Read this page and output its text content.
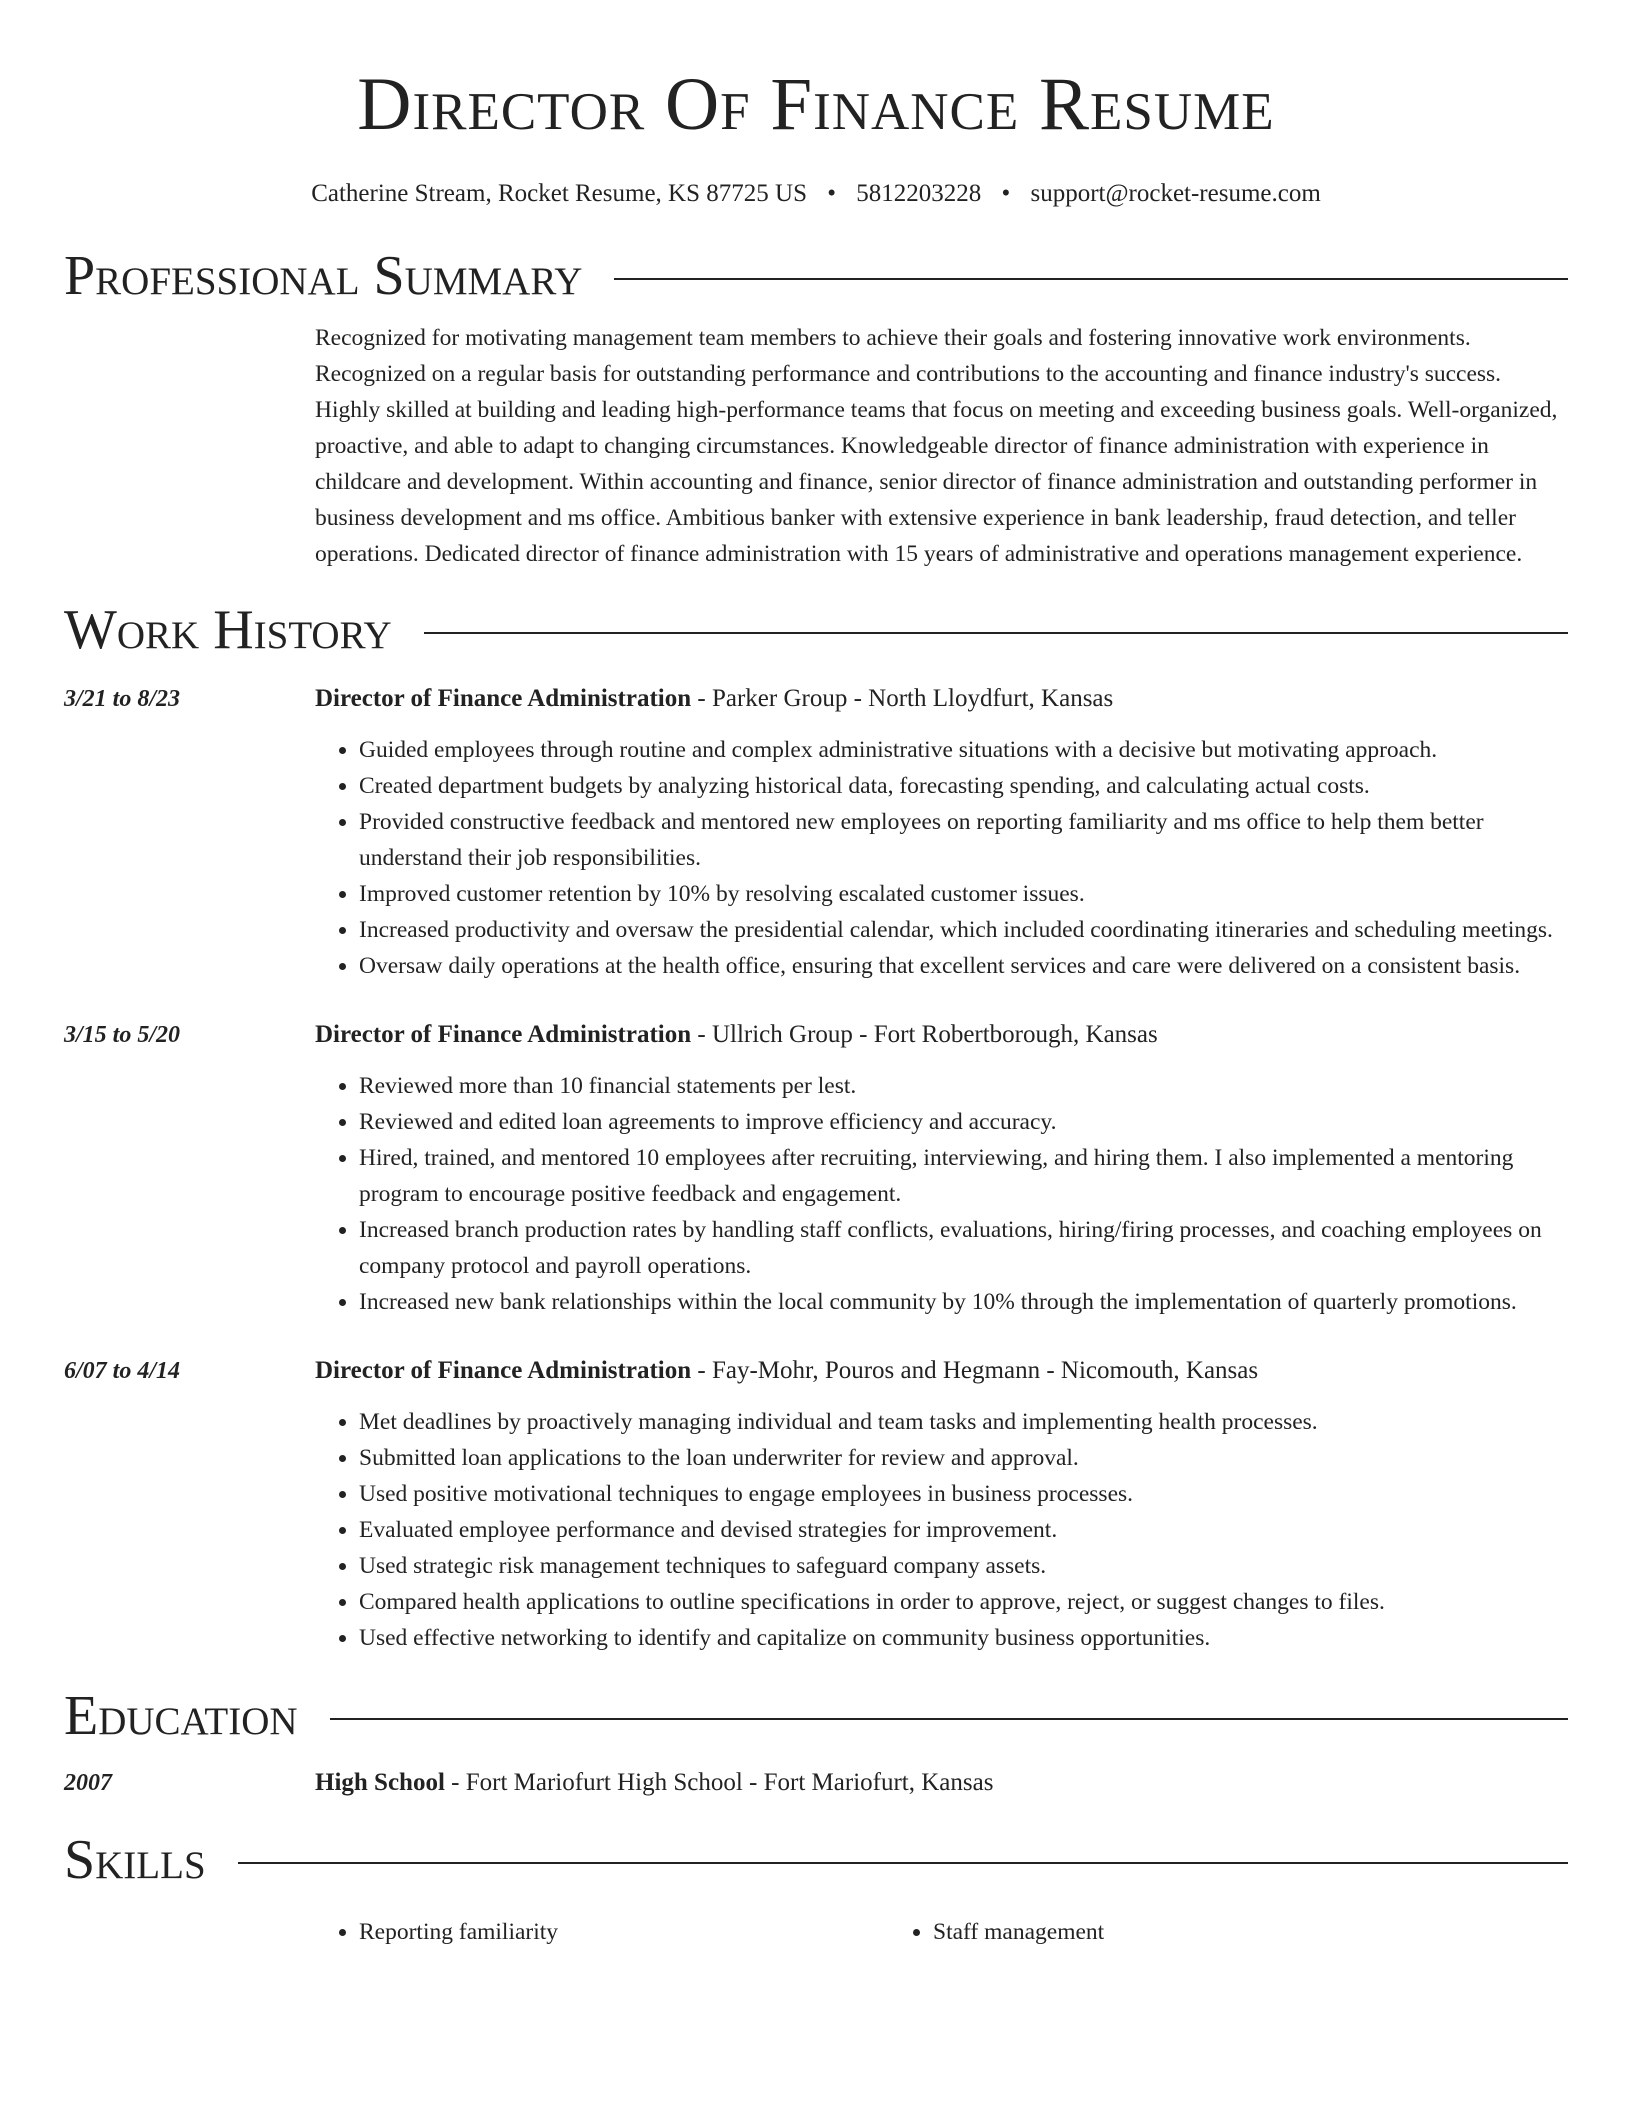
Director Of Finance Resume
Catherine Stream, Rocket Resume, KS 87725 US • 5812203228 • support@rocket-resume.com
Professional Summary
Recognized for motivating management team members to achieve their goals and fostering innovative work environments. Recognized on a regular basis for outstanding performance and contributions to the accounting and finance industry's success. Highly skilled at building and leading high-performance teams that focus on meeting and exceeding business goals. Well-organized, proactive, and able to adapt to changing circumstances. Knowledgeable director of finance administration with experience in childcare and development. Within accounting and finance, senior director of finance administration and outstanding performer in business development and ms office. Ambitious banker with extensive experience in bank leadership, fraud detection, and teller operations. Dedicated director of finance administration with 15 years of administrative and operations management experience.
Work History
3/21 to 8/23	Director of Finance Administration - Parker Group - North Lloydfurt, Kansas
• Guided employees through routine and complex administrative situations with a decisive but motivating approach.
• Created department budgets by analyzing historical data, forecasting spending, and calculating actual costs.
• Provided constructive feedback and mentored new employees on reporting familiarity and ms office to help them better understand their job responsibilities.
• Improved customer retention by 10% by resolving escalated customer issues.
• Increased productivity and oversaw the presidential calendar, which included coordinating itineraries and scheduling meetings.
• Oversaw daily operations at the health office, ensuring that excellent services and care were delivered on a consistent basis.
3/15 to 5/20	Director of Finance Administration - Ullrich Group - Fort Robertborough, Kansas
• Reviewed more than 10 financial statements per lest.
• Reviewed and edited loan agreements to improve efficiency and accuracy.
• Hired, trained, and mentored 10 employees after recruiting, interviewing, and hiring them. I also implemented a mentoring program to encourage positive feedback and engagement.
• Increased branch production rates by handling staff conflicts, evaluations, hiring/firing processes, and coaching employees on company protocol and payroll operations.
• Increased new bank relationships within the local community by 10% through the implementation of quarterly promotions.
6/07 to 4/14	Director of Finance Administration - Fay-Mohr, Pouros and Hegmann - Nicomouth, Kansas
• Met deadlines by proactively managing individual and team tasks and implementing health processes.
• Submitted loan applications to the loan underwriter for review and approval.
• Used positive motivational techniques to engage employees in business processes.
• Evaluated employee performance and devised strategies for improvement.
• Used strategic risk management techniques to safeguard company assets.
• Compared health applications to outline specifications in order to approve, reject, or suggest changes to files.
• Used effective networking to identify and capitalize on community business opportunities.
Education
2007	High School - Fort Mariofurt High School - Fort Mariofurt, Kansas
Skills
• Reporting familiarity
•	Staff management
